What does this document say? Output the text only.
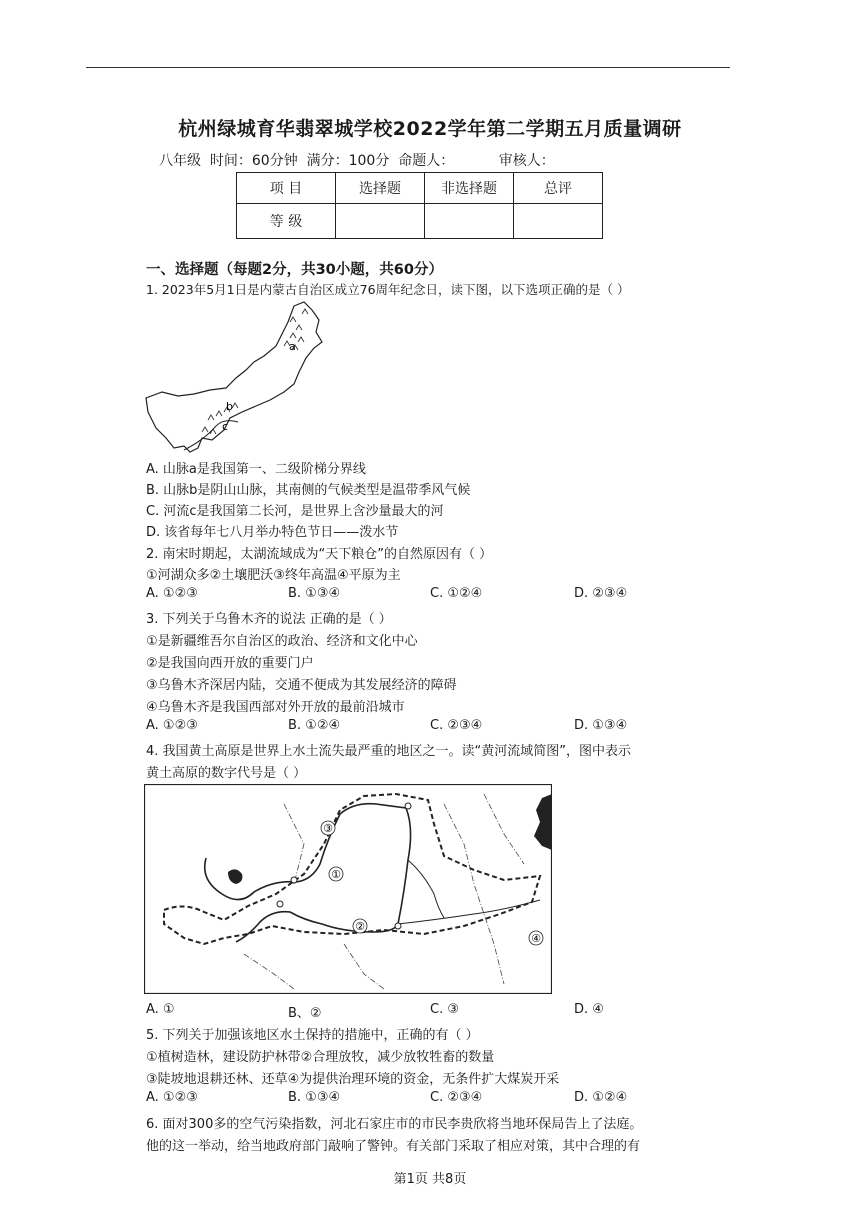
杭州绿城育华翡翠城学校2022学年第二学期五月质量调研
八年级  时间：60分钟  满分：100分  命题人：          审核人：
项 目	选择题	非选择题	总评
等 级			
一、选择题（每题2分，共30小题，共60分）
1. 2023年5月1日是内蒙古自治区成立76周年纪念日，读下图，以下选项正确的是（ ）
a
b
c
A. 山脉a是我国第一、二级阶梯分界线
B. 山脉b是阴山山脉，其南侧的气候类型是温带季风气候
C. 河流c是我国第二长河，是世界上含沙量最大的河
D. 该省每年七八月举办特色节日——泼水节
2. 南宋时期起，太湖流域成为“天下粮仓”的自然原因有（ ）
①河湖众多②土壤肥沃③终年高温④平原为主
A. ①②③	B. ①③④	C. ①②④	D. ②③④
3. 下列关于乌鲁木齐的说法 正确的是（ ）
①是新疆维吾尔自治区的政治、经济和文化中心
②是我国向西开放的重要门户
③乌鲁木齐深居内陆，交通不便成为其发展经济的障碍
④乌鲁木齐是我国西部对外开放的最前沿城市
A. ①②③	B. ①②④	C. ②③④	D. ①③④
4. 我国黄土高原是世界上水土流失最严重的地区之一。读“黄河流域简图”，图中表示
黄土高原的数字代号是（ ）
①
②
③
④
A. ①	B、②	C. ③	D. ④
5. 下列关于加强该地区水土保持的措施中，正确的有（ ）
①植树造林，建设防护林带②合理放牧，减少放牧牲畜的数量
③陡坡地退耕还林、还草④为提供治理环境的资金，无条件扩大煤炭开采
A. ①②③	B. ①③④	C. ②③④	D. ①②④
6. 面对300多的空气污染指数，河北石家庄市的市民李贵欣将当地环保局告上了法庭。
他的这一举动，给当地政府部门敲响了警钟。有关部门采取了相应对策，其中合理的有
第1页 共8页
